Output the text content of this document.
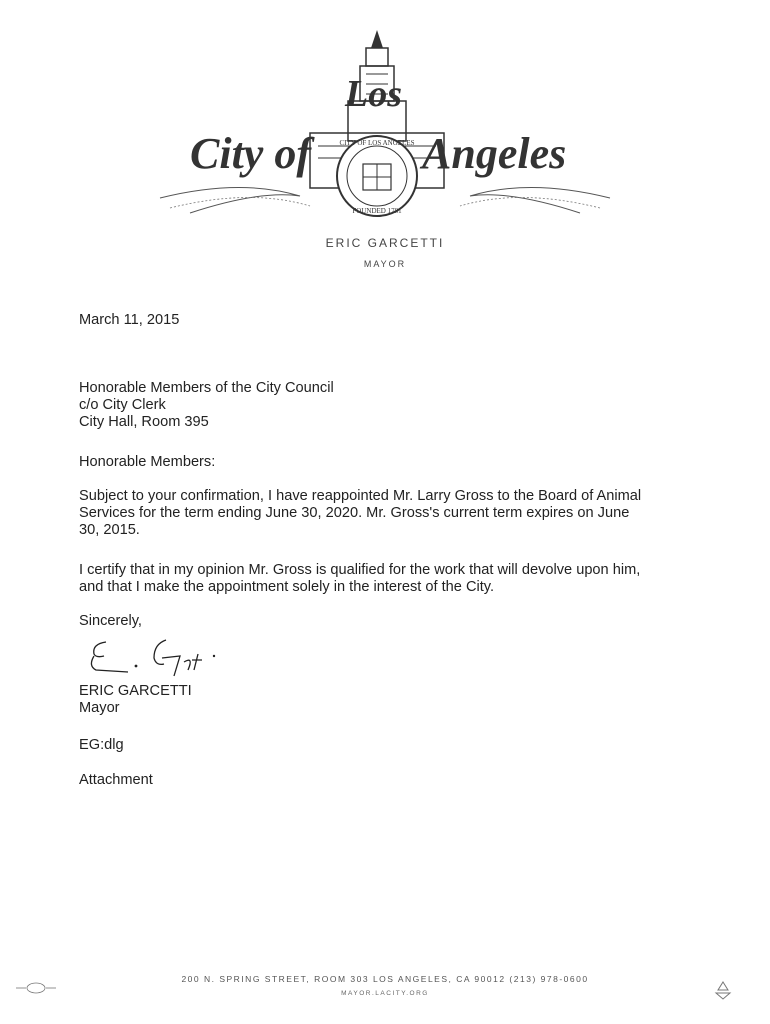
CITY OF LOS ANGELES
FOUNDED 1781
City of
Los
Angeles

ERIC GARCETTI

MAYOR

March 11, 2015

Honorable Members of the City Council
c/o City Clerk
City Hall, Room 395

Honorable Members:

Subject to your confirmation, I have reappointed Mr. Larry Gross to the Board of Animal
Services for the term ending June 30, 2020. Mr. Gross's current term expires on June
30, 2015.
I certify that in my opinion Mr. Gross is qualified for the work that will devolve upon him,
and that I make the appointment solely in the interest of the City.

Sincerely,

ERIC GARCETTI

Mayor

EG:dlg

Attachment

200 N. SPRING STREET, ROOM 303 LOS ANGELES, CA 90012 (213) 978-0600

MAYOR.LACITY.ORG
